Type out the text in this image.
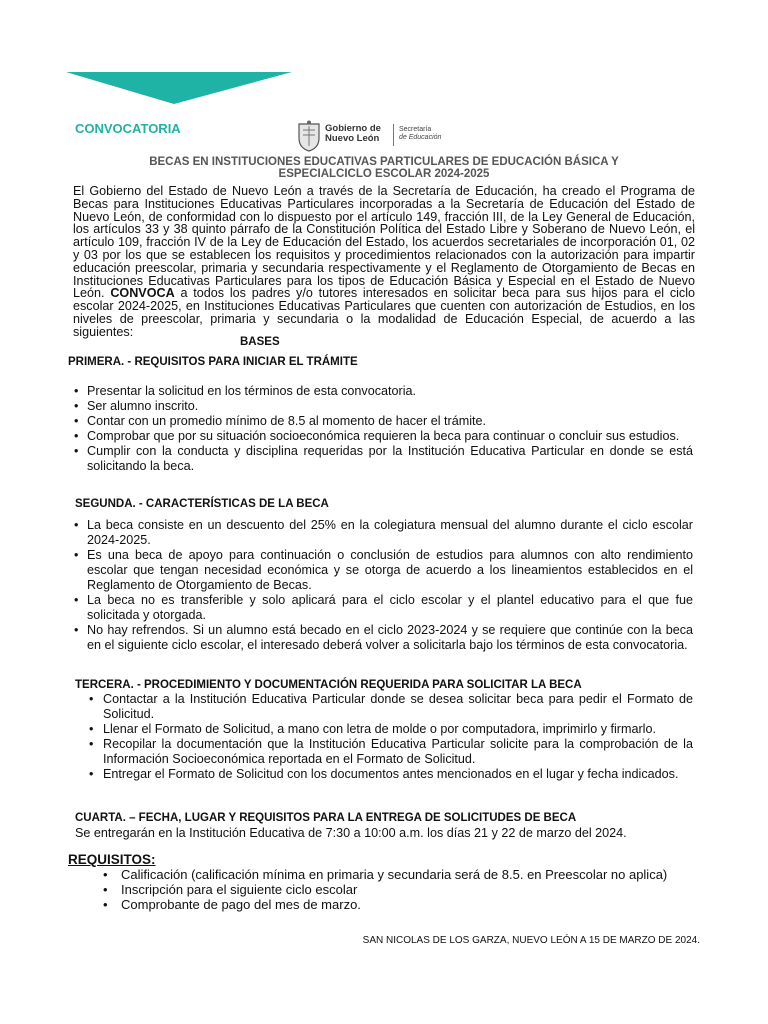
CONVOCATORIA	Gobierno de
Nuevo León
Secretaría
de Educación
BECAS EN INSTITUCIONES EDUCATIVAS PARTICULARES DE EDUCACIÓN BÁSICA Y
ESPECIALCICLO ESCOLAR 2024-2025

El Gobierno del Estado de Nuevo León a través de la Secretaría de Educación, ha creado el Programa de Becas para Instituciones Educativas Particulares incorporadas a la Secretaría de Educación del Estado de Nuevo León, de conformidad con lo dispuesto por el artículo 149, fracción III, de la Ley General de Educación, los artículos 33 y 38 quinto párrafo de la Constitución Política del Estado Libre y Soberano de Nuevo León, el artículo 109, fracción IV de la Ley de Educación del Estado, los acuerdos secretariales de incorporación 01, 02 y 03 por los que se establecen los requisitos y procedimientos relacionados con la autorización para impartir educación preescolar, primaria y secundaria respectivamente y el Reglamento de Otorgamiento de Becas en Instituciones Educativas Particulares para los tipos de Educación Básica y Especial en el Estado de Nuevo León. CONVOCA a todos los padres y/o tutores interesados en solicitar beca para sus hijos para el ciclo escolar 2024-2025, en Instituciones Educativas Particulares que cuenten con autorización de Estudios, en los niveles de preescolar, primaria y secundaria o la modalidad de Educación Especial, de acuerdo a las siguientes:

BASES
PRIMERA. - REQUISITOS PARA INICIAR EL TRÁMITE
• Presentar la solicitud en los términos de esta convocatoria.
• Ser alumno inscrito.
• Contar con un promedio mínimo de 8.5 al momento de hacer el trámite.
• Comprobar que por su situación socioeconómica requieren la beca para continuar o concluir sus estudios.
• Cumplir con la conducta y disciplina requeridas por la Institución Educativa Particular en donde se está solicitando la beca.
SEGUNDA. - CARACTERÍSTICAS DE LA BECA
• La beca consiste en un descuento del 25% en la colegiatura mensual del alumno durante el ciclo escolar 2024-2025.
• Es una beca de apoyo para continuación o conclusión de estudios para alumnos con alto rendimiento escolar que tengan necesidad económica y se otorga de acuerdo a los lineamientos establecidos en el Reglamento de Otorgamiento de Becas.
• La beca no es transferible y solo aplicará para el ciclo escolar y el plantel educativo para el que fue solicitada y otorgada.
• No hay refrendos. Si un alumno está becado en el ciclo 2023-2024 y se requiere que continúe con la beca en el siguiente ciclo escolar, el interesado deberá volver a solicitarla bajo los términos de esta convocatoria.
TERCERA. - PROCEDIMIENTO Y DOCUMENTACIÓN REQUERIDA PARA SOLICITAR LA BECA
• Contactar a la Institución Educativa Particular donde se desea solicitar beca para pedir el Formato de Solicitud.
• Llenar el Formato de Solicitud, a mano con letra de molde o por computadora, imprimirlo y firmarlo.
• Recopilar la documentación que la Institución Educativa Particular solicite para la comprobación de la Información Socioeconómica reportada en el Formato de Solicitud.
• Entregar el Formato de Solicitud con los documentos antes mencionados en el lugar y fecha indicados.
CUARTA. – FECHA, LUGAR Y REQUISITOS PARA LA ENTREGA DE SOLICITUDES DE BECA

Se entregarán en la Institución Educativa de 7:30 a 10:00 a.m. los días 21 y 22 de marzo del 2024.

REQUISITOS:
• Calificación (calificación mínima en primaria y secundaria será de 8.5. en Preescolar no aplica)
• Inscripción para el siguiente ciclo escolar
• Comprobante de pago del mes de marzo.
SAN NICOLAS DE LOS GARZA, NUEVO LEÓN A 15 DE MARZO DE 2024.
